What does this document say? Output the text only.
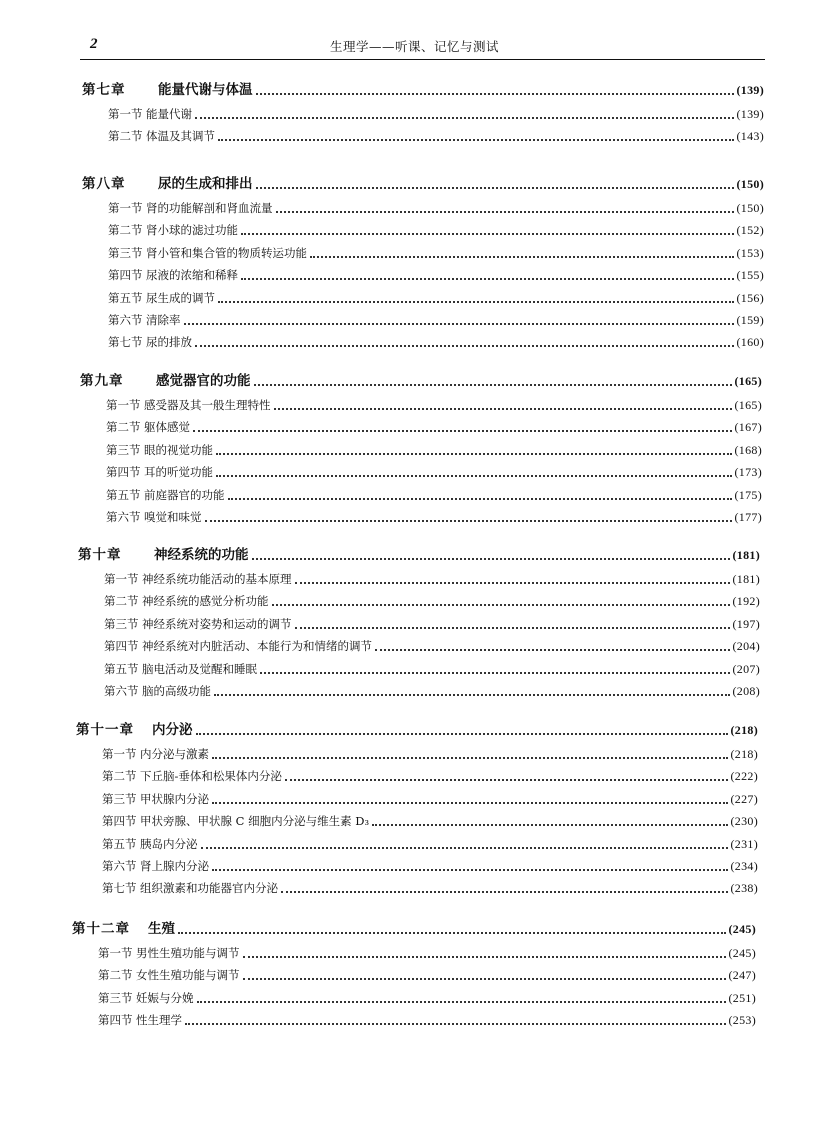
2	生理学——听课、记忆与测试
第七章	能量代谢与体温	(139)
第一节 能量代谢	(139)
第二节 体温及其调节	(143)
第八章	尿的生成和排出	(150)
第一节 肾的功能解剖和肾血流量	(150)
第二节 肾小球的滤过功能	(152)
第三节 肾小管和集合管的物质转运功能	(153)
第四节 尿液的浓缩和稀释	(155)
第五节 尿生成的调节	(156)
第六节 清除率	(159)
第七节 尿的排放	(160)
第九章	感觉器官的功能	(165)
第一节 感受器及其一般生理特性	(165)
第二节 躯体感觉	(167)
第三节 眼的视觉功能	(168)
第四节 耳的听觉功能	(173)
第五节 前庭器官的功能	(175)
第六节 嗅觉和味觉	(177)
第十章	神经系统的功能	(181)
第一节 神经系统功能活动的基本原理	(181)
第二节 神经系统的感觉分析功能	(192)
第三节 神经系统对姿势和运动的调节	(197)
第四节 神经系统对内脏活动、本能行为和情绪的调节	(204)
第五节 脑电活动及觉醒和睡眠	(207)
第六节 脑的高级功能	(208)
第十一章	内分泌	(218)
第一节 内分泌与激素	(218)
第二节 下丘脑-垂体和松果体内分泌	(222)
第三节 甲状腺内分泌	(227)
第四节 甲状旁腺、甲状腺 C 细胞内分泌与维生素 D₃	(230)
第五节 胰岛内分泌	(231)
第六节 肾上腺内分泌	(234)
第七节 组织激素和功能器官内分泌	(238)
第十二章	生殖	(245)
第一节 男性生殖功能与调节	(245)
第二节 女性生殖功能与调节	(247)
第三节 妊娠与分娩	(251)
第四节 性生理学	(253)
